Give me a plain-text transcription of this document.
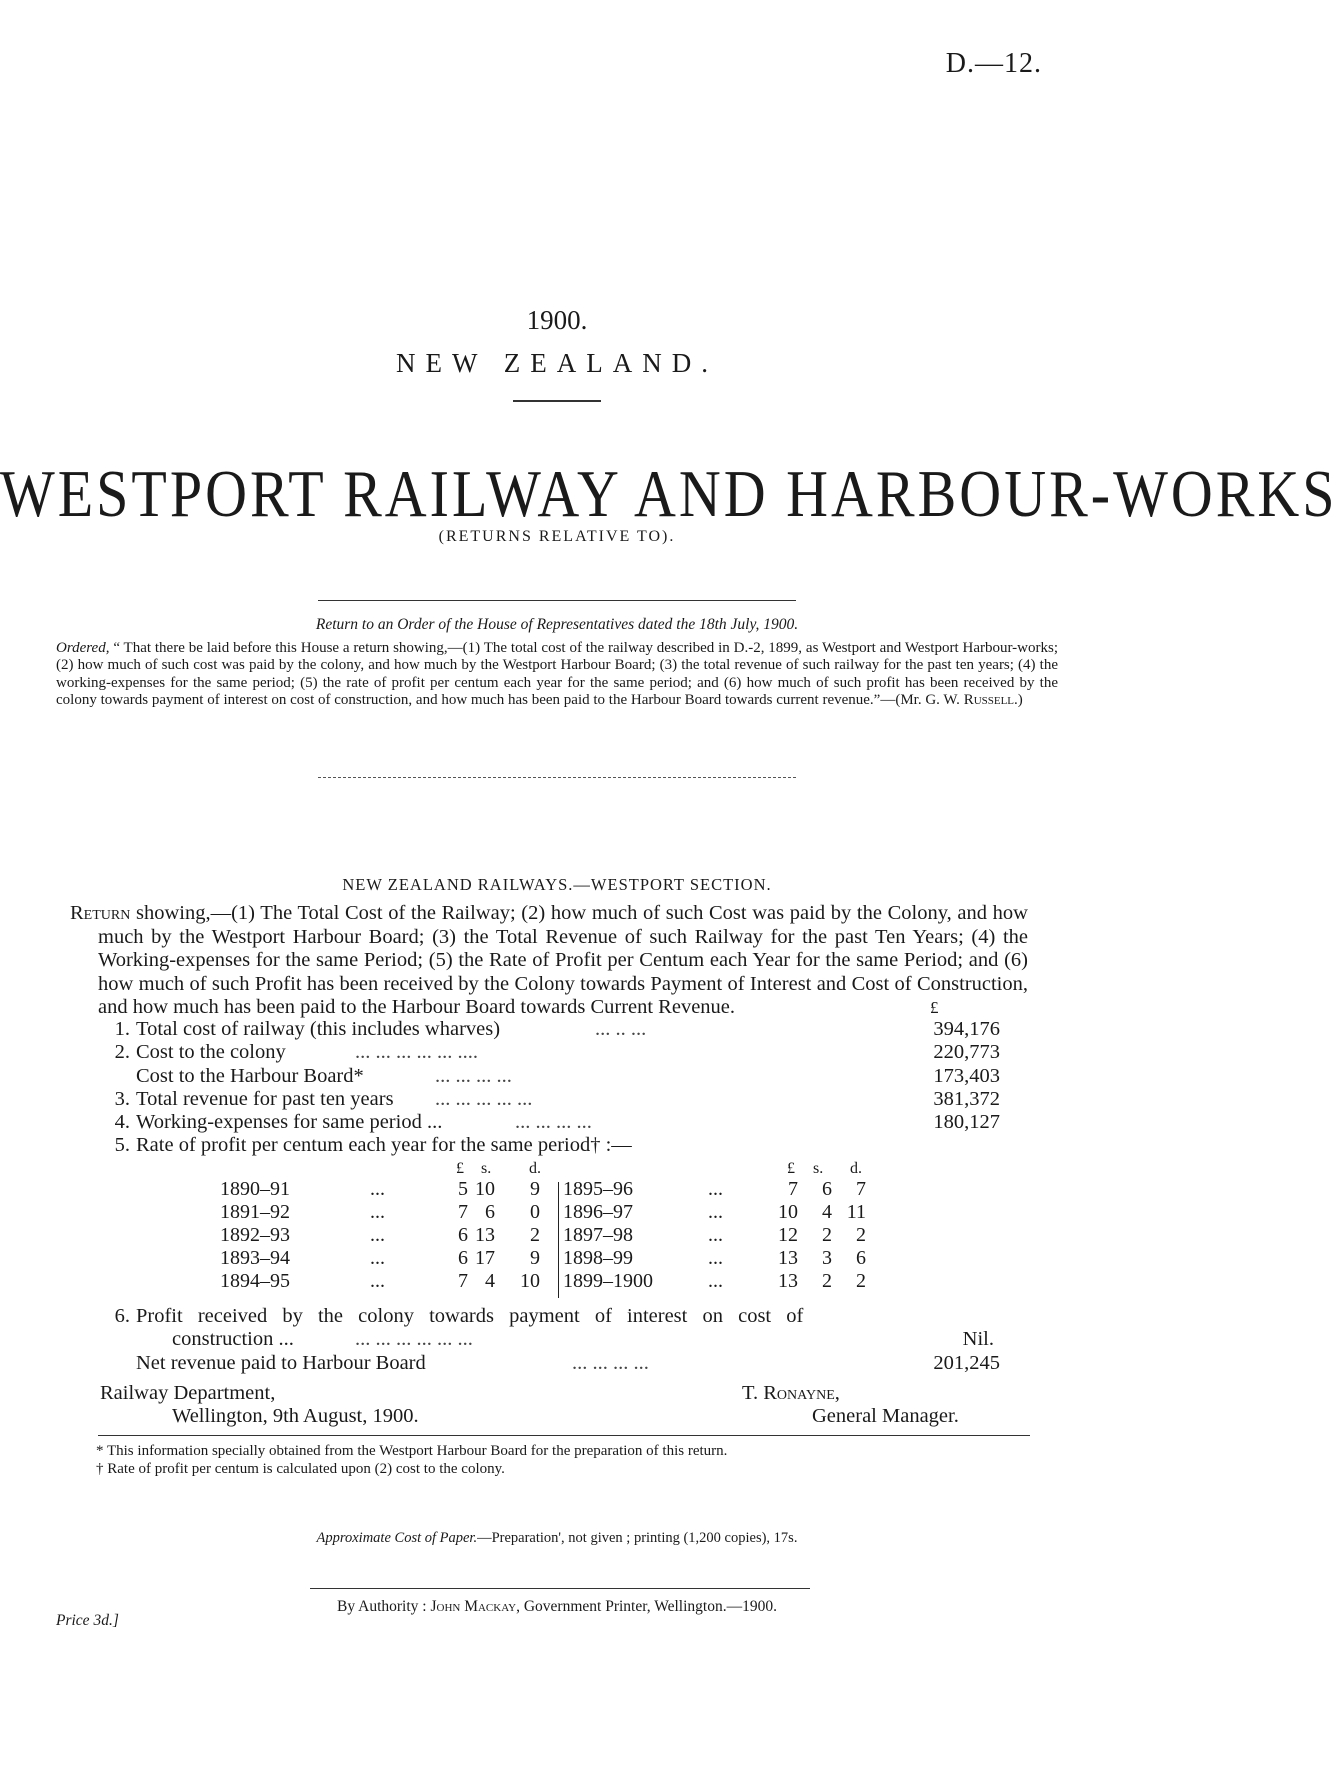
D.—12.
1900.
NEW ZEALAND.
WESTPORT RAILWAY AND HARBOUR-WORKS
(RETURNS RELATIVE TO).
Return to an Order of the House of Representatives dated the 18th July, 1900.
Ordered, “ That there be laid before this House a return showing,—(1) The total cost of the railway described in D.-2, 1899, as Westport and Westport Harbour-works; (2) how much of such cost was paid by the colony, and how much by the Westport Harbour Board; (3) the total revenue of such railway for the past ten years; (4) the working-expenses for the same period; (5) the rate of profit per centum each year for the same period; and (6) how much of such profit has been received by the colony towards payment of interest on cost of construction, and how much has been paid to the Harbour Board towards current revenue.”—(Mr. G. W. Russell.)
NEW ZEALAND RAILWAYS.—WESTPORT SECTION.
Return showing,—(1) The Total Cost of the Railway; (2) how much of such Cost was paid by the Colony, and how much by the Westport Harbour Board; (3) the Total Revenue of such Railway for the past Ten Years; (4) the Working-expenses for the same Period; (5) the Rate of Profit per Centum each Year for the same Period; and (6) how much of such Profit has been received by the Colony towards Payment of Interest and Cost of Construction, and how much has been paid to the Harbour Board towards Current Revenue.	£
1. Total cost of railway (this includes wharves)	... .. ...	394,176
2. Cost to the colony	... ... ... ... ... ....	220,773
Cost to the Harbour Board*	... ... ... ...	173,403
3. Total revenue for past ten years ... ... ... ... ...	381,372
4. Working-expenses for same period ...	... ... ... ...	180,127
5. Rate of profit per centum each year for the same period† :—
£ s. d.	£ s. d.
1890–91	...	5 10	9 1895–96	...	7	6	7
1891–92	...	7 6	0 1896–97	...	10	4 11
1892–93	...	6 13	2 1897–98	...	12	2	2
1893–94	...	6 17	9 1898–99	...	13	3	6
1894–95	...	7 4	10 1899–1900	...	13	2	2
6. Profit received by the colony towards payment of interest on cost of
construction ...	... ... ... ... ... ...	Nil.
Net revenue paid to Harbour Board	... ... ... ...	201,245
Railway Department,
Wellington, 9th August, 1900.
T. Ronayne,
General Manager.
* This information specially obtained from the Westport Harbour Board for the preparation of this return.
† Rate of profit per centum is calculated upon (2) cost to the colony.
Approximate Cost of Paper.—Preparation', not given ; printing (1,200 copies), 17s.
By Authority : John Mackay, Government Printer, Wellington.—1900.
Price 3d.]
